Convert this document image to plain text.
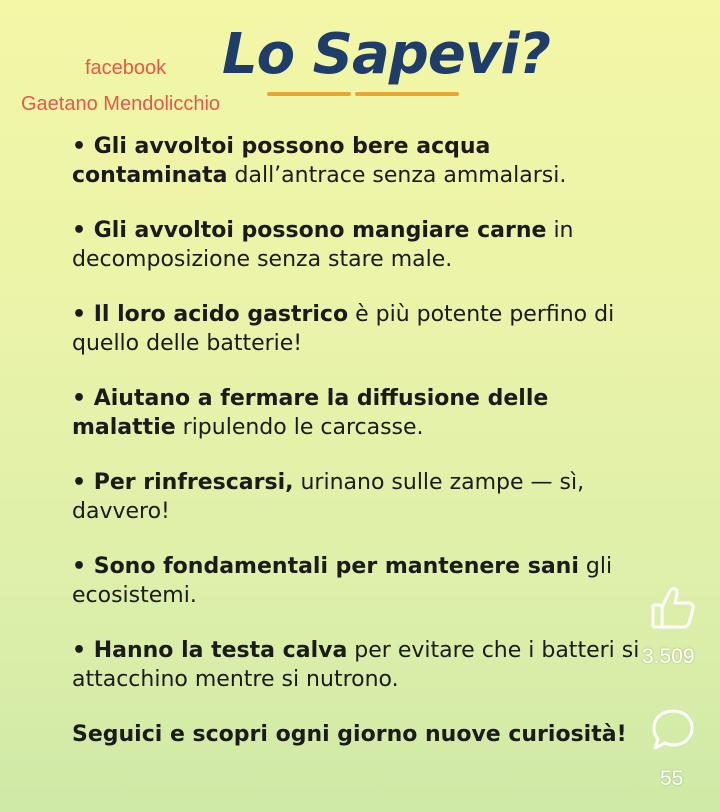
facebook
Gaetano Mendolicchio
Lo Sapevi?

• Gli avvoltoi possono bere acqua contaminata dall’antrace senza ammalarsi.

• Gli avvoltoi possono mangiare carne in decomposizione senza stare male.

• Il loro acido gastrico è più potente perfino di quello delle batterie!

• Aiutano a fermare la diffusione delle malattie ripulendo le carcasse.

• Per rinfrescarsi, urinano sulle zampe — sì, davvero!

• Sono fondamentali per mantenere sani gli ecosistemi.

• Hanno la testa calva per evitare che i batteri si attacchino mentre si nutrono.

Seguici e scopri ogni giorno nuove curiosità!

3.509
55
